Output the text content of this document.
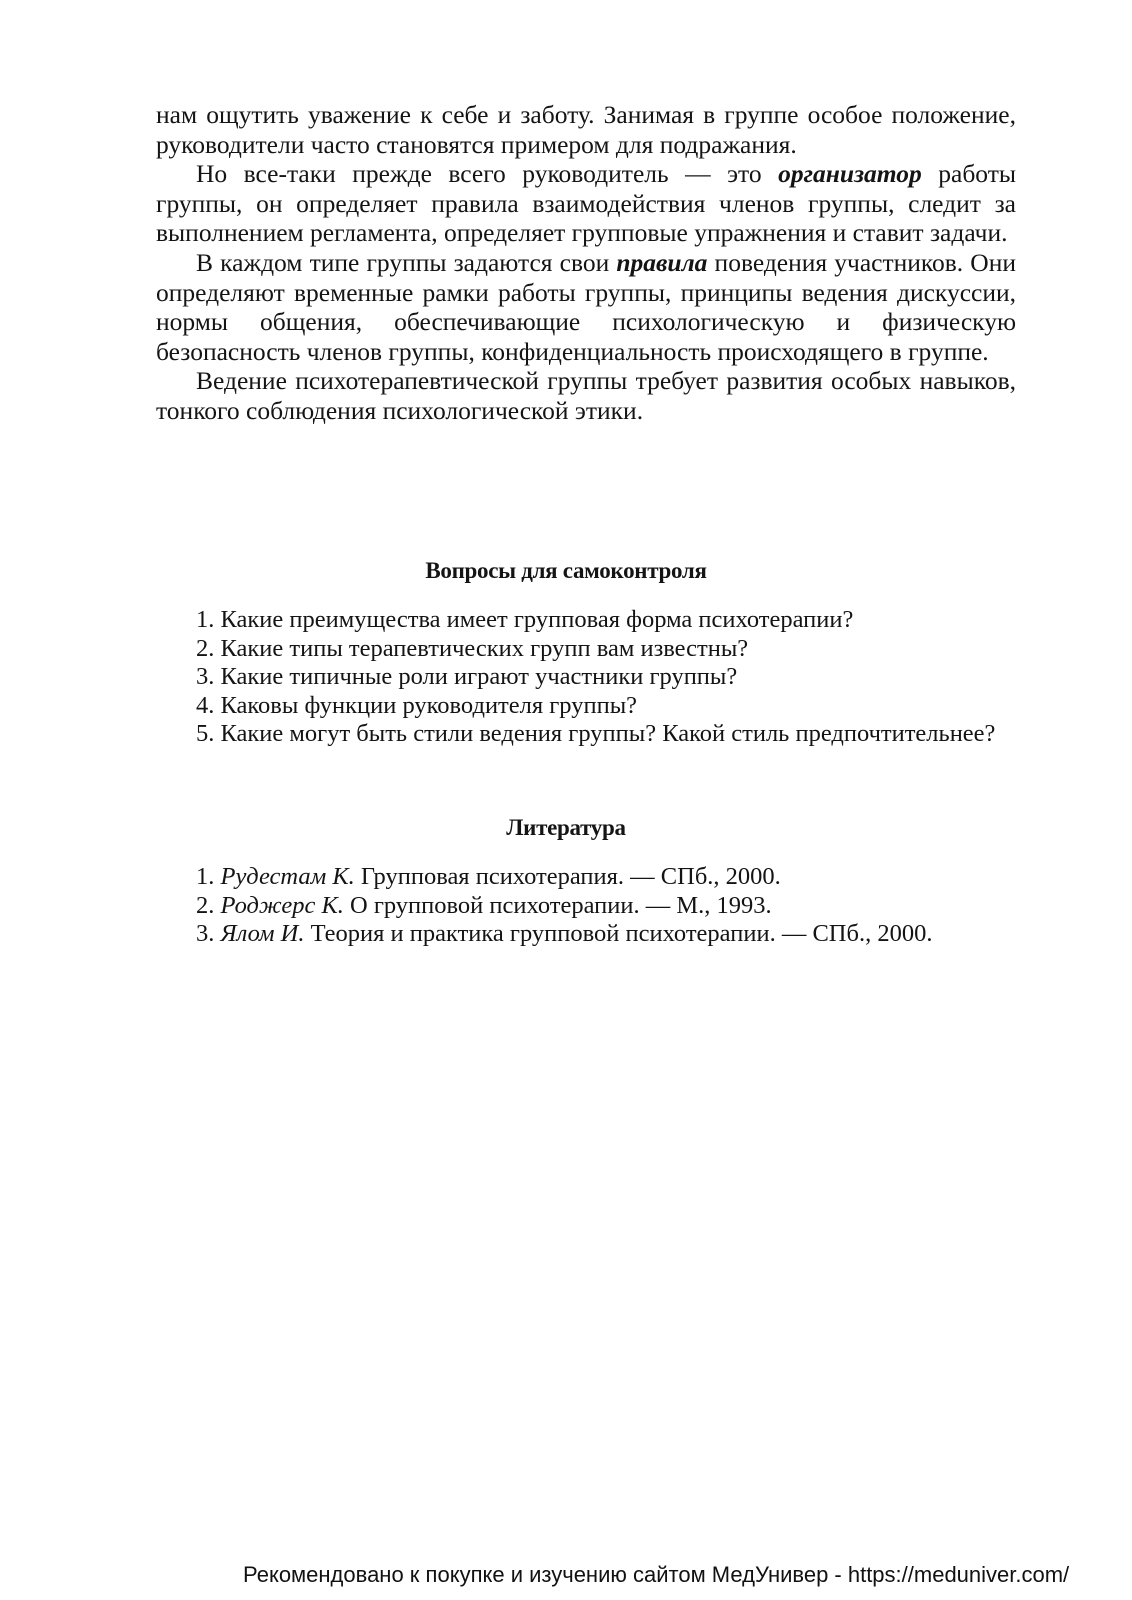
нам ощутить уважение к себе и заботу. Занимая в группе особое положение, руководители часто становятся примером для подражания.

Но все-таки прежде всего руководитель — это организатор работы группы, он определяет правила взаимодействия членов группы, следит за выполнением регламента, определяет групповые упражнения и ставит задачи.

В каждом типе группы задаются свои правила поведения участников. Они определяют временные рамки работы группы, принципы ведения дискуссии, нормы общения, обеспечивающие психологическую и физическую безопасность членов группы, конфиденциальность происходящего в группе.

Ведение психотерапевтической группы требует развития особых навыков, тонкого соблюдения психологической этики.

Вопросы для самоконтроля

1. Какие преимущества имеет групповая форма психотерапии?

2. Какие типы терапевтических групп вам известны?

3. Какие типичные роли играют участники группы?

4. Каковы функции руководителя группы?

5. Какие могут быть стили ведения группы? Какой стиль предпочтительнее?

Литература

1. Рудестам К. Групповая психотерапия. — СПб., 2000.

2. Роджерс К. О групповой психотерапии. — М., 1993.

3. Ялом И. Теория и практика групповой психотерапии. — СПб., 2000.

Рекомендовано к покупке и изучению сайтом МедУнивер - https://meduniver.com/
